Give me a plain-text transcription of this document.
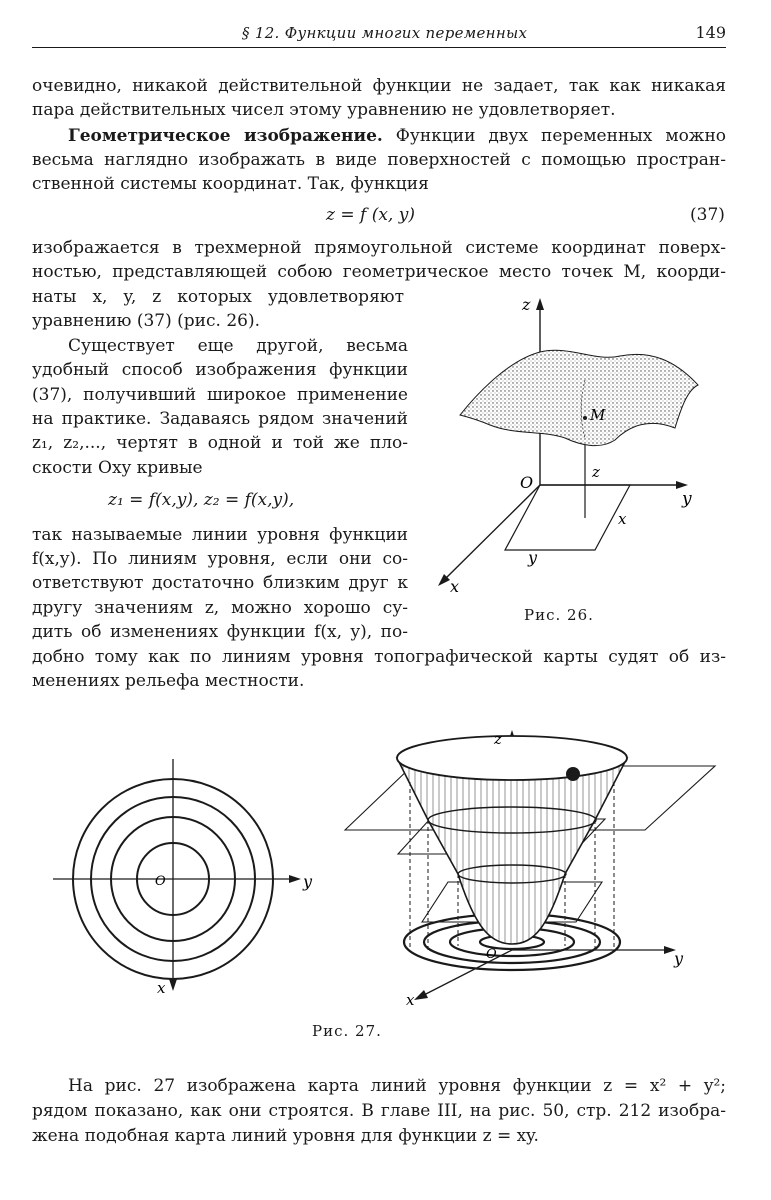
§ 12. Функции многих переменных	149
очевидно, никакой действительной функции не задает, так как никакая
пара действительных чисел этому уравнению не удовлетворяет.
Геометрическое изображение. Функции двух переменных можно
весьма наглядно изображать в виде поверхностей с помощью простран-
ственной системы координат. Так, функция
z = f (x, y)	(37)
изображается в трехмерной прямоугольной системе координат поверх-
ностью, представляющей собою геометрическое место точек M, коорди-
наты x, y, z которых удовлетворяют
уравнению (37) (рис. 26).
Существует еще другой, весьма
удобный способ изображения функции
(37), получивший широкое применение
на практике. Задаваясь рядом значений
z₁, z₂,..., чертят в одной и той же пло-
скости Oxy кривые
z₁ = f(x,y), z₂ = f(x,y),
так называемые линии уровня функции
f(x,y). По линиям уровня, если они со-
ответствуют достаточно близким друг к
другу значениям z, можно хорошо су-
дить об изменениях функции f(x, y), по-
добно тому как по линиям уровня топографической карты судят об из-
менениях рельефа местности.
z
y
x
O
M
z
x
y
Рис. 26.
y
x
O
z
y
x
O
Рис. 27.
На рис. 27 изображена карта линий уровня функции z = x² + y²;
рядом показано, как они строятся. В главе III, на рис. 50, стр. 212 изобра-
жена подобная карта линий уровня для функции z = xy.
